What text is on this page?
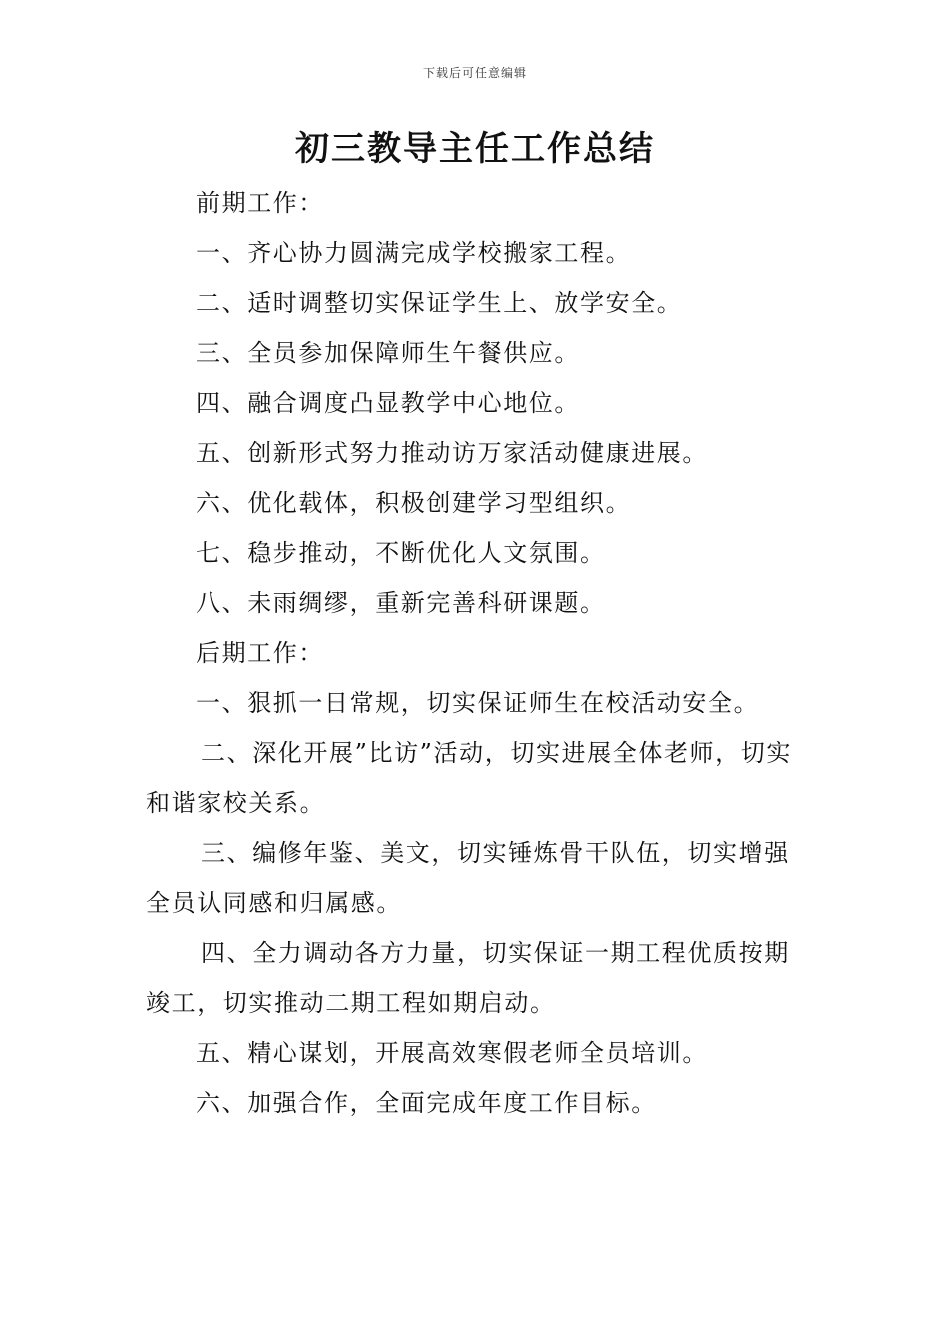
下载后可任意编辑
初三教导主任工作总结

前期工作：

一、齐心协力圆满完成学校搬家工程。

二、适时调整切实保证学生上、放学安全。

三、全员参加保障师生午餐供应。

四、融合调度凸显教学中心地位。

五、创新形式努力推动访万家活动健康进展。

六、优化载体，积极创建学习型组织。

七、稳步推动，不断优化人文氛围。

八、未雨绸缪，重新完善科研课题。

后期工作：

一、狠抓一日常规，切实保证师生在校活动安全。

二、深化开展”比访”活动，切实进展全体老师，切实和谐家校关系。

三、编修年鉴、美文，切实锤炼骨干队伍，切实增强全员认同感和归属感。

四、全力调动各方力量，切实保证一期工程优质按期竣工，切实推动二期工程如期启动。

五、精心谋划，开展高效寒假老师全员培训。

六、加强合作，全面完成年度工作目标。
